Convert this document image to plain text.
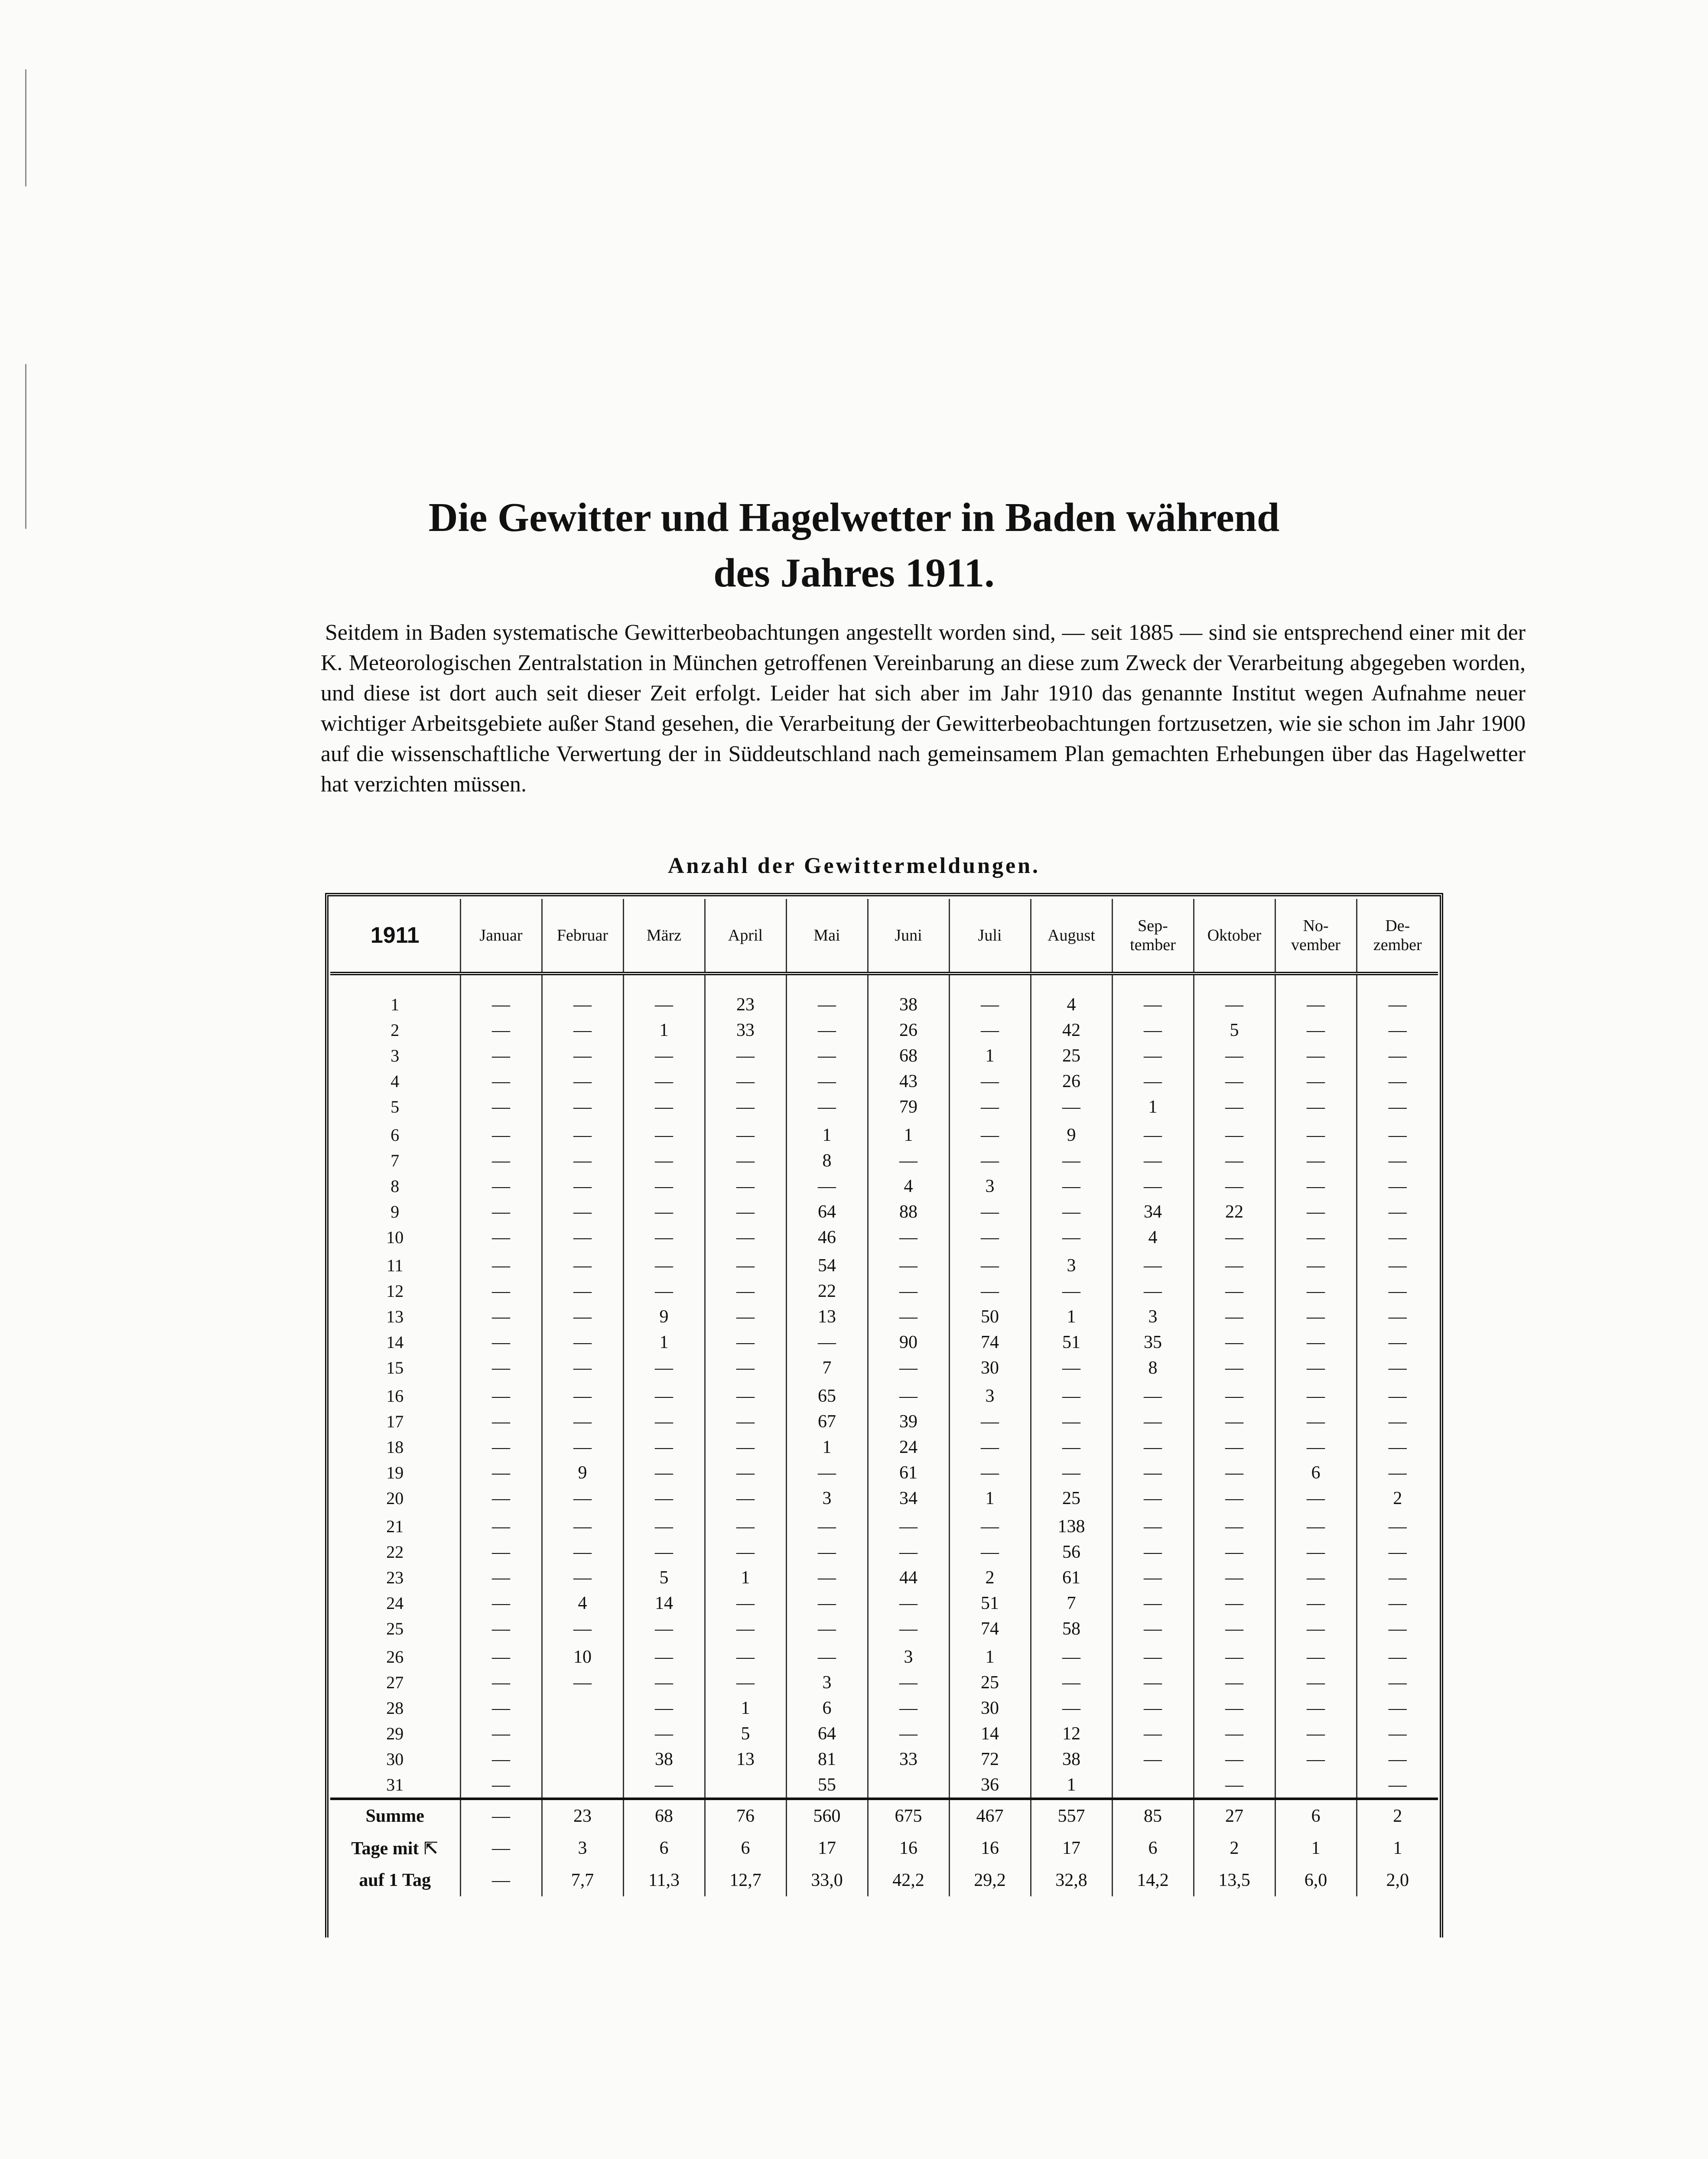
Die Gewitter und Hagelwetter in Baden während
des Jahres 1911.
Seitdem in Baden systematische Gewitterbeobachtungen angestellt worden sind, — seit 1885 — sind sie entsprechend einer mit der K. Meteorologischen Zentralstation in München getroffenen Vereinbarung an diese zum Zweck der Verarbeitung abgegeben worden, und diese ist dort auch seit dieser Zeit erfolgt. Leider hat sich aber im Jahr 1910 das genannte Institut wegen Aufnahme neuer wichtiger Arbeitsgebiete außer Stand gesehen, die Verarbeitung der Gewitterbeobachtungen fortzusetzen, wie sie schon im Jahr 1900 auf die wissenschaftliche Verwertung der in Süddeutschland nach gemeinsamem Plan gemachten Erhebungen über das Hagelwetter hat verzichten müssen.
Anzahl der Gewittermeldungen.
1911	Januar	Februar	März	April	Mai	Juni	Juli	August	Sep-
tember	Oktober	No-
vember	De-
zember

1	—	—	—	23	—	38	—	4	—	—	—	—
2	—	—	1	33	—	26	—	42	—	5	—	—
3	—	—	—	—	—	68	1	25	—	—	—	—
4	—	—	—	—	—	43	—	26	—	—	—	—
5	—	—	—	—	—	79	—	—	1	—	—	—
6	—	—	—	—	1	1	—	9	—	—	—	—
7	—	—	—	—	8	—	—	—	—	—	—	—
8	—	—	—	—	—	4	3	—	—	—	—	—
9	—	—	—	—	64	88	—	—	34	22	—	—
10	—	—	—	—	46	—	—	—	4	—	—	—
11	—	—	—	—	54	—	—	3	—	—	—	—
12	—	—	—	—	22	—	—	—	—	—	—	—
13	—	—	9	—	13	—	50	1	3	—	—	—
14	—	—	1	—	—	90	74	51	35	—	—	—
15	—	—	—	—	7	—	30	—	8	—	—	—
16	—	—	—	—	65	—	3	—	—	—	—	—
17	—	—	—	—	67	39	—	—	—	—	—	—
18	—	—	—	—	1	24	—	—	—	—	—	—
19	—	9	—	—	—	61	—	—	—	—	6	—
20	—	—	—	—	3	34	1	25	—	—	—	2
21	—	—	—	—	—	—	—	138	—	—	—	—
22	—	—	—	—	—	—	—	56	—	—	—	—
23	—	—	5	1	—	44	2	61	—	—	—	—
24	—	4	14	—	—	—	51	7	—	—	—	—
25	—	—	—	—	—	—	74	58	—	—	—	—
26	—	10	—	—	—	3	1	—	—	—	—	—
27	—	—	—	—	3	—	25	—	—	—	—	—
28	—		—	1	6	—	30	—	—	—	—	—
29	—		—	5	64	—	14	12	—	—	—	—
30	—		38	13	81	33	72	38	—	—	—	—
31	—		—		55		36	1		—		—
Summe	—	23	68	76	560	675	467	557	85	27	6	2
Tage mit ⇱	—	3	6	6	17	16	16	17	6	2	1	1
auf 1 Tag	—	7,7	11,3	12,7	33,0	42,2	29,2	32,8	14,2	13,5	6,0	2,0
